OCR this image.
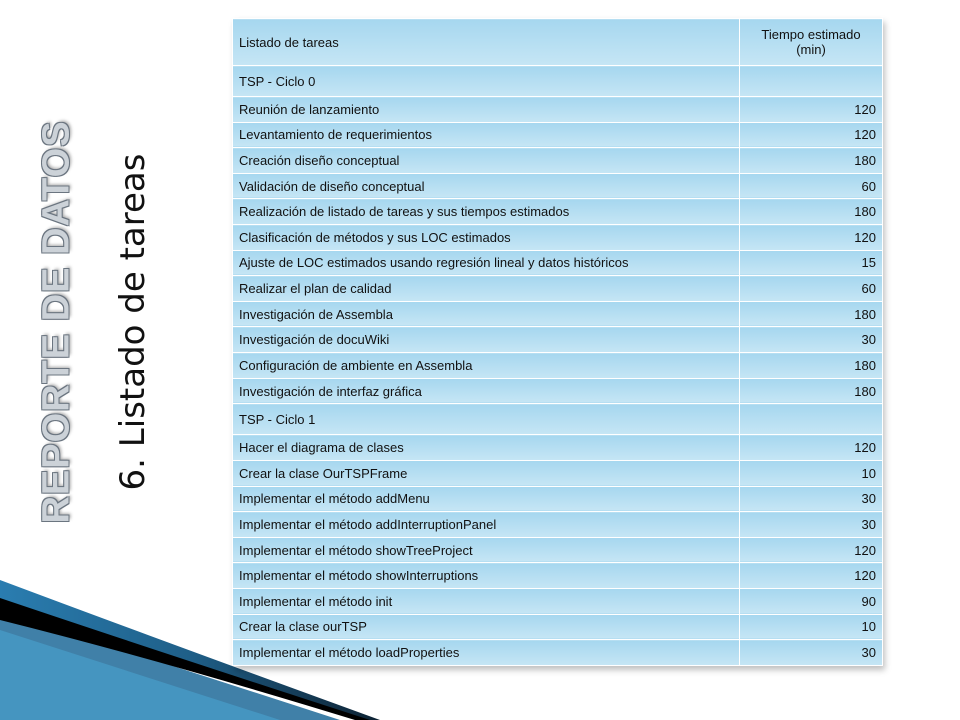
REPORTE DE DATOS 6. Listado de tareas
Listado de tareas	Tiempo estimado (min)
TSP - Ciclo 0	
Reunión de lanzamiento	120
Levantamiento de requerimientos	120
Creación diseño conceptual	180
Validación de diseño conceptual	60
Realización de listado de tareas y sus tiempos estimados	180
Clasificación de métodos y sus LOC estimados	120
Ajuste de LOC estimados usando regresión lineal y datos históricos	15
Realizar el plan de calidad	60
Investigación de Assembla	180
Investigación de docuWiki	30
Configuración de ambiente en Assembla	180
Investigación de interfaz gráfica	180
TSP - Ciclo 1	
Hacer el diagrama de clases	120
Crear la clase OurTSPFrame	10
Implementar el método addMenu	30
Implementar el método addInterruptionPanel	30
Implementar el método showTreeProject	120
Implementar el método showInterruptions	120
Implementar el método init	90
Crear la clase ourTSP	10
Implementar el método loadProperties	30
